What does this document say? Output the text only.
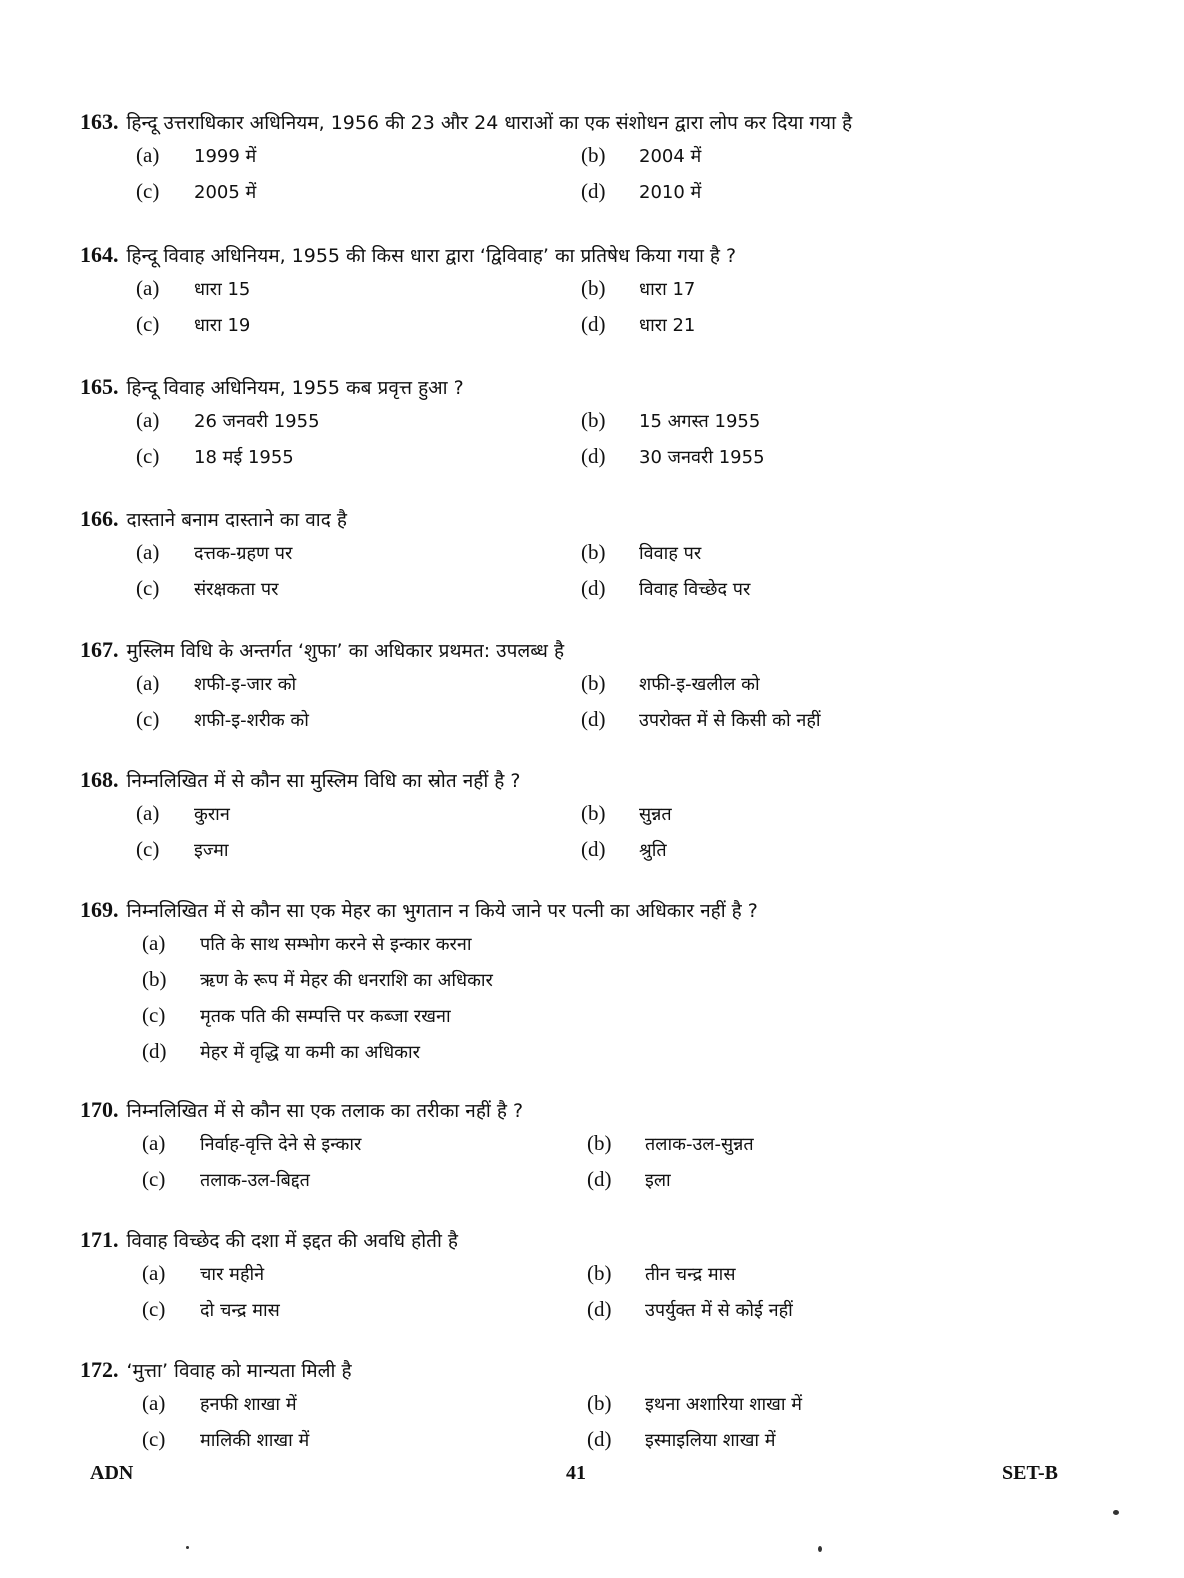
163. हिन्दू उत्तराधिकार अधिनियम, 1956 की 23 और 24 धाराओं का एक संशोधन द्वारा लोप कर दिया गया है
(a)	1999 में	(b)	2004 में
(c)	2005 में	(d)	2010 में
164. हिन्दू विवाह अधिनियम, 1955 की किस धारा द्वारा ‘द्विविवाह’ का प्रतिषेध किया गया है ?
(a)	धारा 15	(b)	धारा 17
(c)	धारा 19	(d)	धारा 21
165. हिन्दू विवाह अधिनियम, 1955 कब प्रवृत्त हुआ ?
(a)	26 जनवरी 1955	(b)	15 अगस्त 1955
(c)	18 मई 1955	(d)	30 जनवरी 1955
166. दास्ताने बनाम दास्ताने का वाद है
(a)	दत्तक-ग्रहण पर	(b)	विवाह पर
(c)	संरक्षकता पर	(d)	विवाह विच्छेद पर
167. मुस्लिम विधि के अन्तर्गत ‘शुफा’ का अधिकार प्रथमत: उपलब्ध है
(a)	शफी-इ-जार को	(b)	शफी-इ-खलील को
(c)	शफी-इ-शरीक को	(d)	उपरोक्त में से किसी को नहीं
168. निम्नलिखित में से कौन सा मुस्लिम विधि का स्रोत नहीं है ?
(a)	कुरान	(b)	सुन्नत
(c)	इज्मा	(d)	श्रुति
169. निम्नलिखित में से कौन सा एक मेहर का भुगतान न किये जाने पर पत्नी का अधिकार नहीं है ?
(a)	पति के साथ सम्भोग करने से इन्कार करना
(b)	ऋण के रूप में मेहर की धनराशि का अधिकार
(c)	मृतक पति की सम्पत्ति पर कब्जा रखना
(d)	मेहर में वृद्धि या कमी का अधिकार
170. निम्नलिखित में से कौन सा एक तलाक का तरीका नहीं है ?
(a)	निर्वाह-वृत्ति देने से इन्कार	(b)	तलाक-उल-सुन्नत
(c)	तलाक-उल-बिद्दत	(d)	इला
171. विवाह विच्छेद की दशा में इद्दत की अवधि होती है
(a)	चार महीने	(b)	तीन चन्द्र मास
(c)	दो चन्द्र मास	(d)	उपर्युक्त में से कोई नहीं
172. ‘मुत्ता’ विवाह को मान्यता मिली है
(a)	हनफी शाखा में	(b)	इथना अशारिया शाखा में
(c)	मालिकी शाखा में	(d)	इस्माइलिया शाखा में
ADN	41	SET-B
